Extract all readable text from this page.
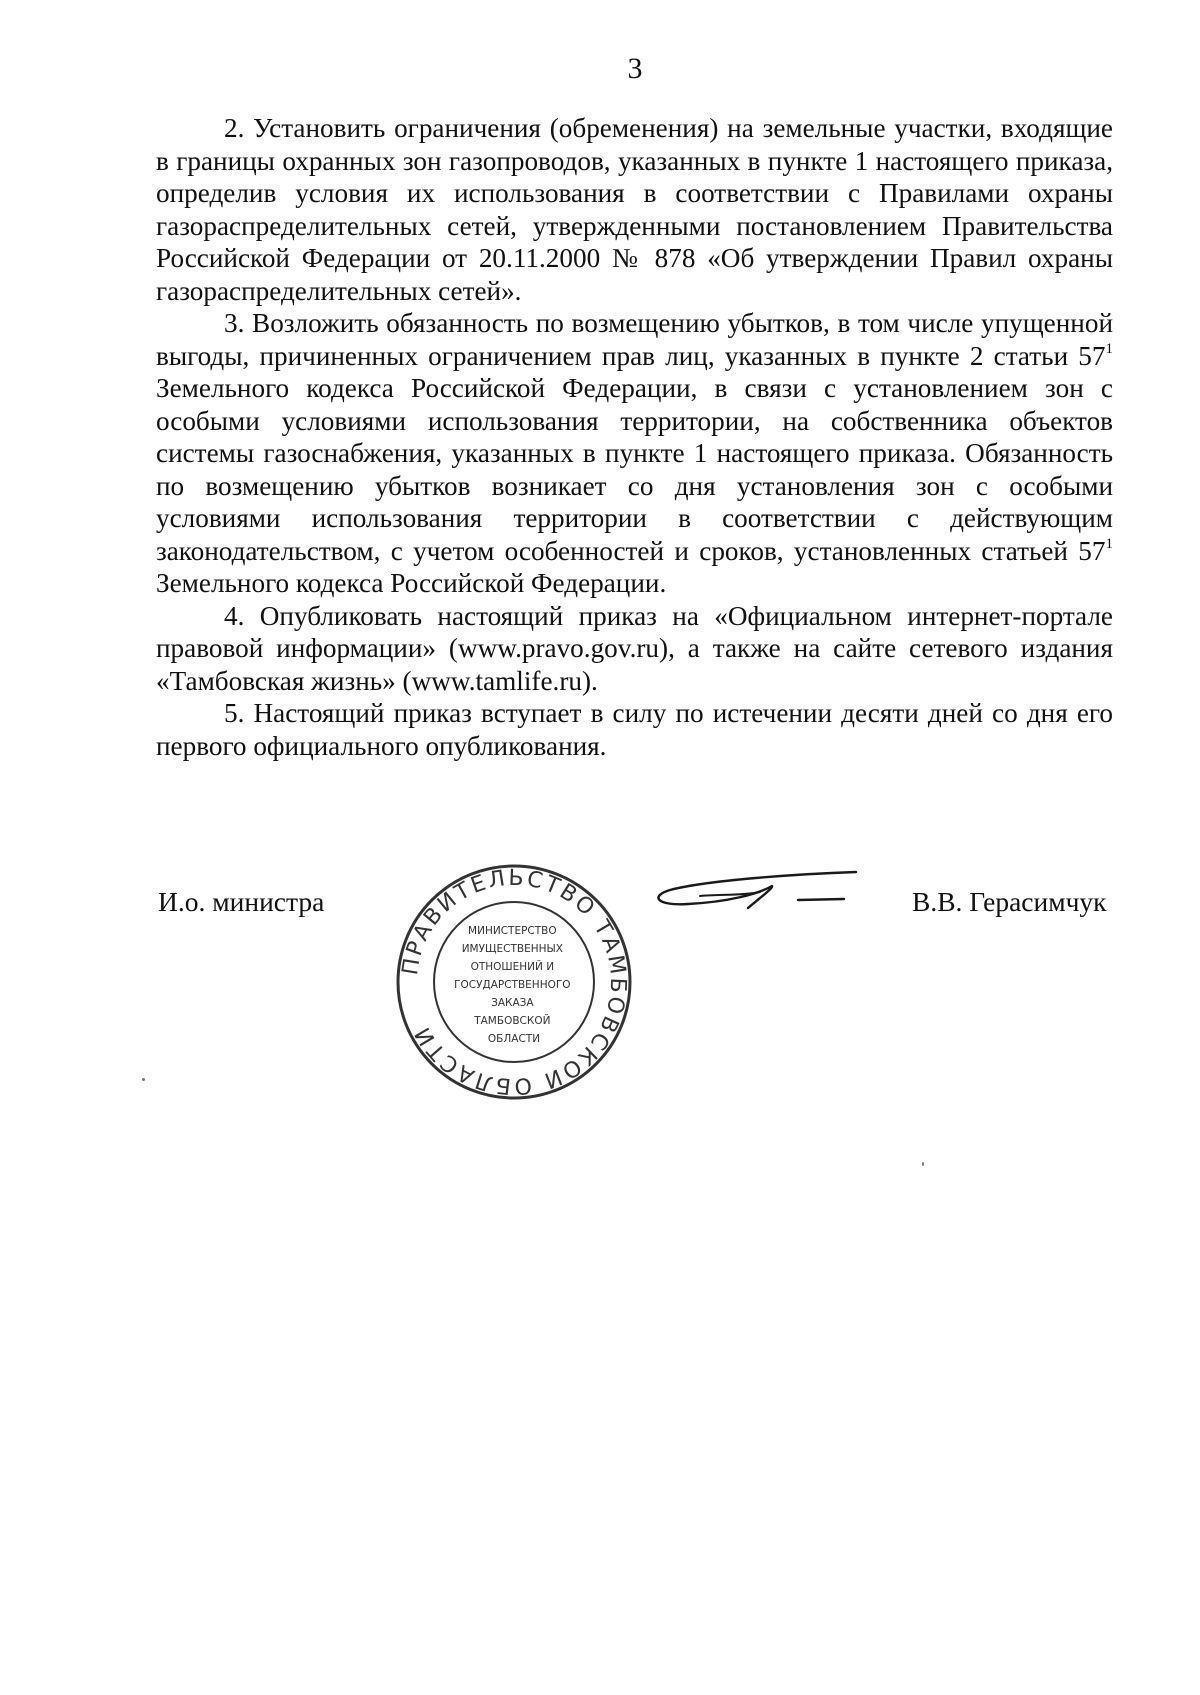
3

2. Установить ограничения (обременения) на земельные участки, входящие в границы охранных зон газопроводов, указанных в пункте 1 настоящего приказа, определив условия их использования в соответствии с Правилами охраны газораспределительных сетей, утвержденными постановлением Правительства Российской Федерации от 20.11.2000 № 878 «Об утверждении Правил охраны газораспределительных сетей».

3. Возложить обязанность по возмещению убытков, в том числе упущенной выгоды, причиненных ограничением прав лиц, указанных в пункте 2 статьи $57^1$ Земельного кодекса Российской Федерации, в связи с установлением зон с особыми условиями использования территории, на собственника объектов системы газоснабжения, указанных в пункте 1 настоящего приказа. Обязанность по возмещению убытков возникает со дня установления зон с особыми условиями использования территории в соответствии с действующим законодательством, с учетом особенностей и сроков, установленных статьей $57^1$ Земельного кодекса Российской Федерации.

4. Опубликовать настоящий приказ на «Официальном интернет-портале правовой информации» (www.pravo.gov.ru), а также на сайте сетевого издания «Тамбовская жизнь» (www.tamlife.ru).

5. Настоящий приказ вступает в силу по истечении десяти дней со дня его первого официального опубликования.

И.о. министра
ПРАВИТЕЛЬСТВО ТАМБОВСКОЙ ОБЛАСТИ
МИНИСТЕРСТВО ИМУЩЕСТВЕННЫХ ОТНОШЕНИЙ И ГОСУДАРСТВЕННОГО ЗАКАЗА ТАМБОВСКОЙ ОБЛАСТИ
В.В. Герасимчук
